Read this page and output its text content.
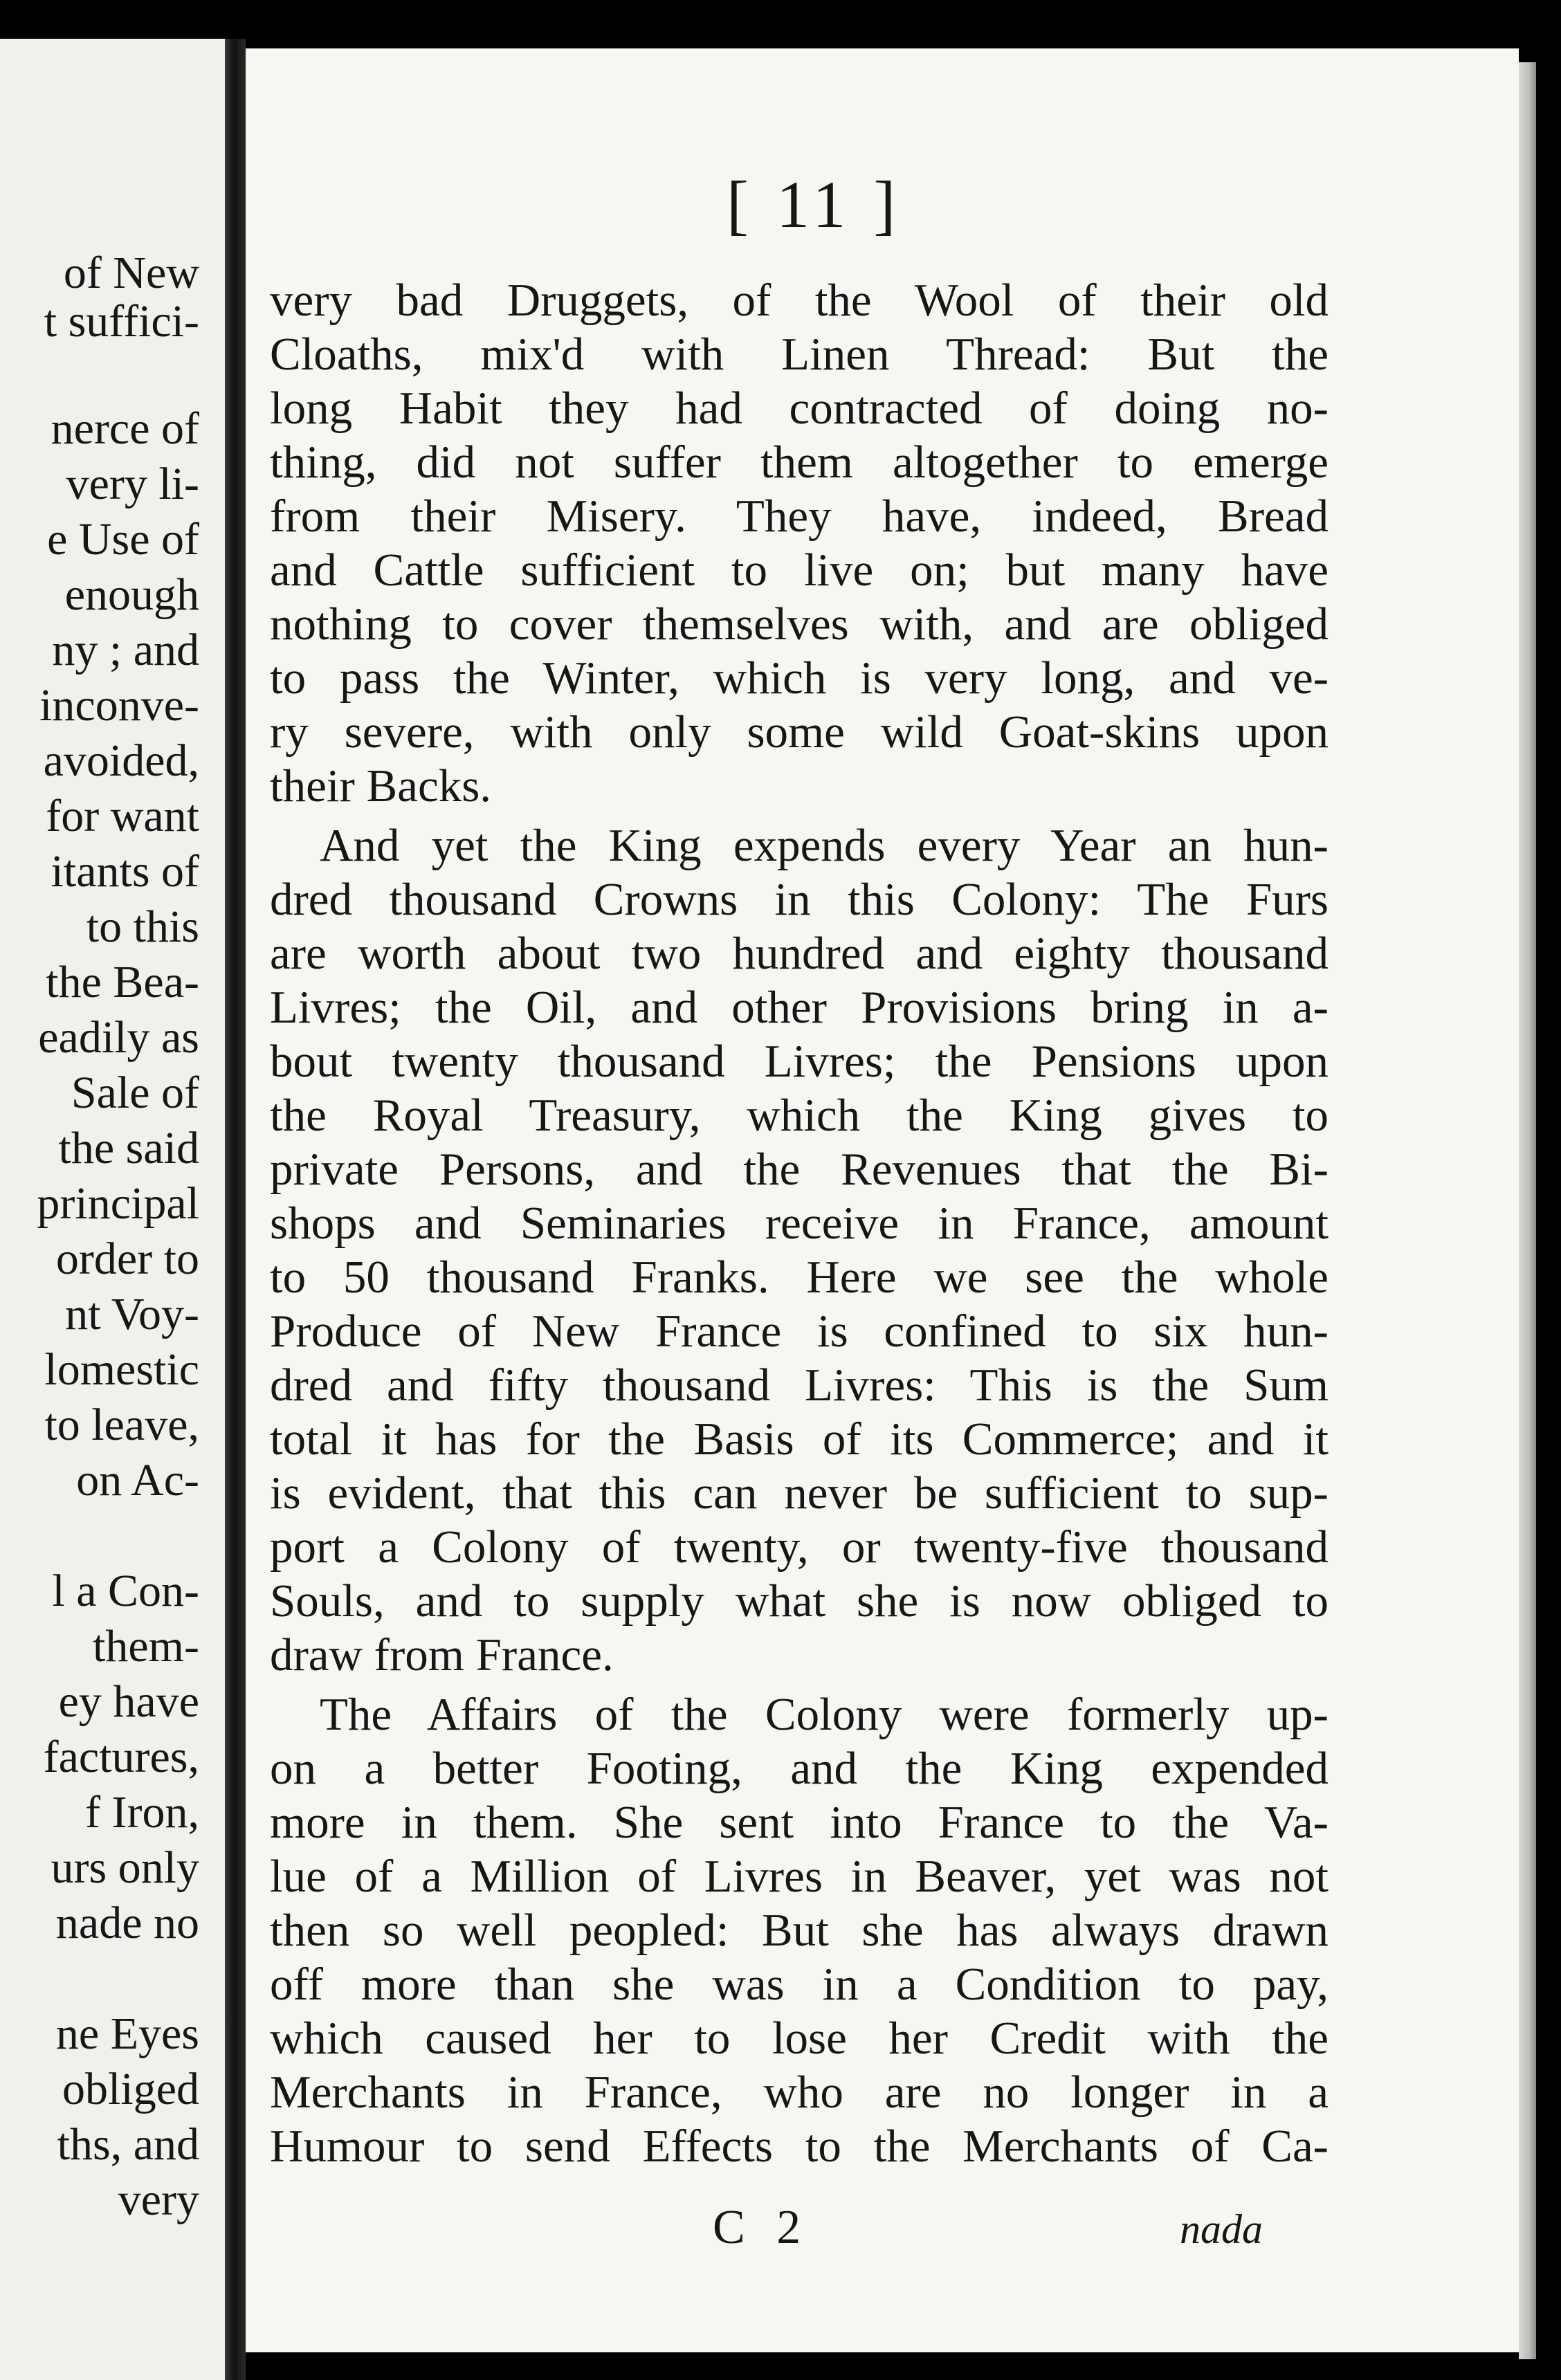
of New

t suffici-

nerce of

very li-

e Use of

enough

ny ; and

inconve-

avoided,

for want

itants of

to this

the Bea-

eadily as

Sale of

the said

principal

order to

nt Voy-

lomestic

to leave,

on Ac-

l a Con-

them-

ey have

factures,

f Iron,

urs only

nade no

ne Eyes

obliged

ths, and

very

[ 11 ]

very bad Druggets, of the Wool of their old

Cloaths, mix'd with Linen Thread: But the

long Habit they had contracted of doing no-

thing, did not suffer them altogether to emerge

from their Misery. They have, indeed, Bread

and Cattle sufficient to live on; but many have

nothing to cover themselves with, and are obliged

to pass the Winter, which is very long, and ve-

ry severe, with only some wild Goat-skins upon

their Backs.

And yet the King expends every Year an hun-

dred thousand Crowns in this Colony: The Furs

are worth about two hundred and eighty thousand

Livres; the Oil, and other Provisions bring in a-

bout twenty thousand Livres; the Pensions upon

the Royal Treasury, which the King gives to

private Persons, and the Revenues that the Bi-

shops and Seminaries receive in France, amount

to 50 thousand Franks. Here we see the whole

Produce of New France is confined to six hun-

dred and fifty thousand Livres: This is the Sum

total it has for the Basis of its Commerce; and it

is evident, that this can never be sufficient to sup-

port a Colony of twenty, or twenty-five thousand

Souls, and to supply what she is now obliged to

draw from France.

The Affairs of the Colony were formerly up-

on a better Footing, and the King expended

more in them. She sent into France to the Va-

lue of a Million of Livres in Beaver, yet was not

then so well peopled: But she has always drawn

off more than she was in a Condition to pay,

which caused her to lose her Credit with the

Merchants in France, who are no longer in a

Humour to send Effects to the Merchants of Ca-

C 2	nada
